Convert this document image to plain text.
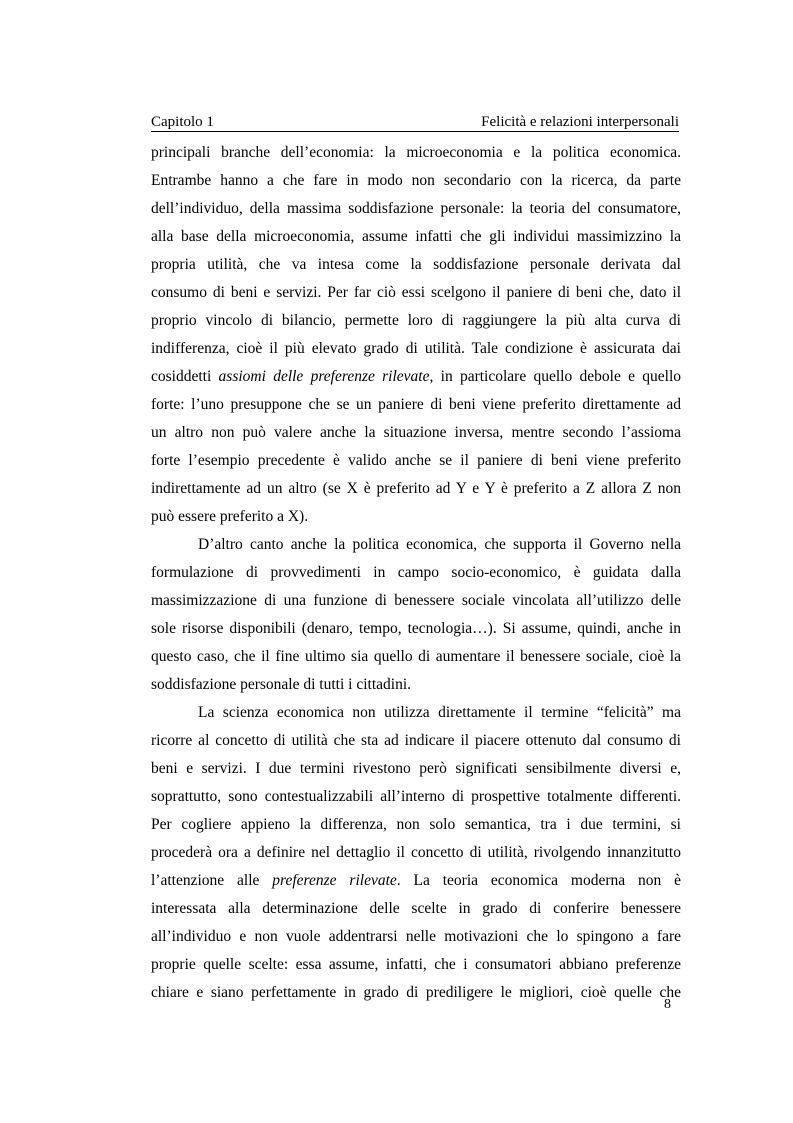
Capitolo 1	Felicità e relazioni interpersonali
principali branche dell’economia: la microeconomia e la politica economica.
Entrambe hanno a che fare in modo non secondario con la ricerca, da parte
dell’individuo, della massima soddisfazione personale: la teoria del consumatore,
alla base della microeconomia, assume infatti che gli individui massimizzino la
propria utilità, che va intesa come la soddisfazione personale derivata dal
consumo di beni e servizi. Per far ciò essi scelgono il paniere di beni che, dato il
proprio vincolo di bilancio, permette loro di raggiungere la più alta curva di
indifferenza, cioè il più elevato grado di utilità. Tale condizione è assicurata dai
cosiddetti assiomi delle preferenze rilevate, in particolare quello debole e quello
forte: l’uno presuppone che se un paniere di beni viene preferito direttamente ad
un altro non può valere anche la situazione inversa, mentre secondo l’assioma
forte l’esempio precedente è valido anche se il paniere di beni viene preferito
indirettamente ad un altro (se X è preferito ad Y e Y è preferito a Z allora Z non
può essere preferito a X).
D’altro canto anche la politica economica, che supporta il Governo nella
formulazione di provvedimenti in campo socio-economico, è guidata dalla
massimizzazione di una funzione di benessere sociale vincolata all’utilizzo delle
sole risorse disponibili (denaro, tempo, tecnologia…). Si assume, quindi, anche in
questo caso, che il fine ultimo sia quello di aumentare il benessere sociale, cioè la
soddisfazione personale di tutti i cittadini.
La scienza economica non utilizza direttamente il termine “felicità” ma
ricorre al concetto di utilità che sta ad indicare il piacere ottenuto dal consumo di
beni e servizi. I due termini rivestono però significati sensibilmente diversi e,
soprattutto, sono contestualizzabili all’interno di prospettive totalmente differenti.
Per cogliere appieno la differenza, non solo semantica, tra i due termini, si
procederà ora a definire nel dettaglio il concetto di utilità, rivolgendo innanzitutto
l’attenzione alle preferenze rilevate. La teoria economica moderna non è
interessata alla determinazione delle scelte in grado di conferire benessere
all’individuo e non vuole addentrarsi nelle motivazioni che lo spingono a fare
proprie quelle scelte: essa assume, infatti, che i consumatori abbiano preferenze
chiare e siano perfettamente in grado di prediligere le migliori, cioè quelle che
8
